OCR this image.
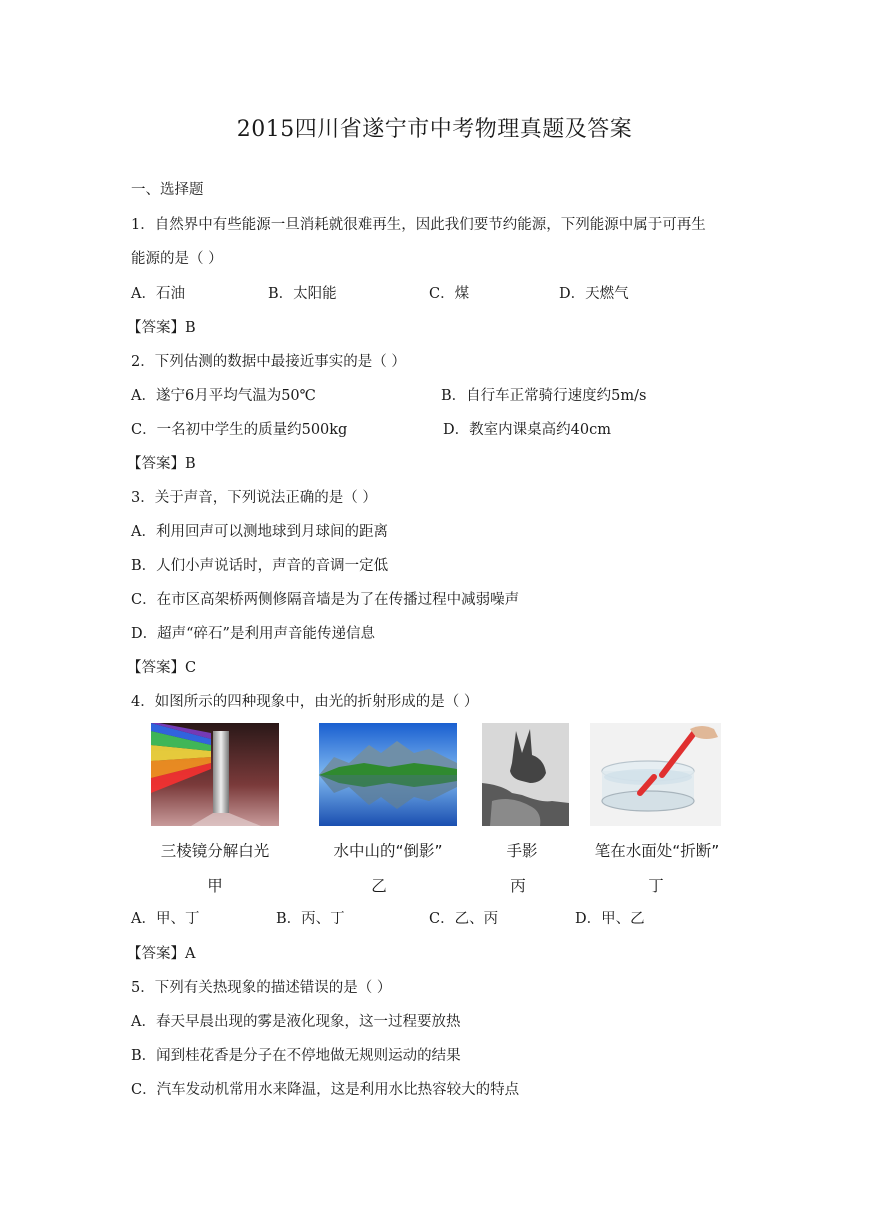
2015四川省遂宁市中考物理真题及答案
一、选择题
1．自然界中有些能源一旦消耗就很难再生，因此我们要节约能源，下列能源中属于可再生
能源的是（ ）
A．石油	B．太阳能	C．煤	D．天燃气
【答案】B
2．下列估测的数据中最接近事实的是（ ）
A．遂宁6月平均气温为50℃	B．自行车正常骑行速度约5m/s
C．一名初中学生的质量约500kg	D．教室内课桌高约40cm
【答案】B
3．关于声音，下列说法正确的是（ ）
A．利用回声可以测地球到月球间的距离
B．人们小声说话时，声音的音调一定低
C．在市区高架桥两侧修隔音墙是为了在传播过程中减弱噪声
D．超声“碎石”是利用声音能传递信息
【答案】C
4．如图所示的四种现象中，由光的折射形成的是（ ）
三棱镜分解白光
甲
水中山的“倒影”
乙
手影
丙
笔在水面处“折断”
丁
A．甲、丁	B．丙、丁	C．乙、丙	D．甲、乙
【答案】A
5．下列有关热现象的描述错误的是（ ）
A．春天早晨出现的雾是液化现象，这一过程要放热
B．闻到桂花香是分子在不停地做无规则运动的结果
C．汽车发动机常用水来降温，这是利用水比热容较大的特点
